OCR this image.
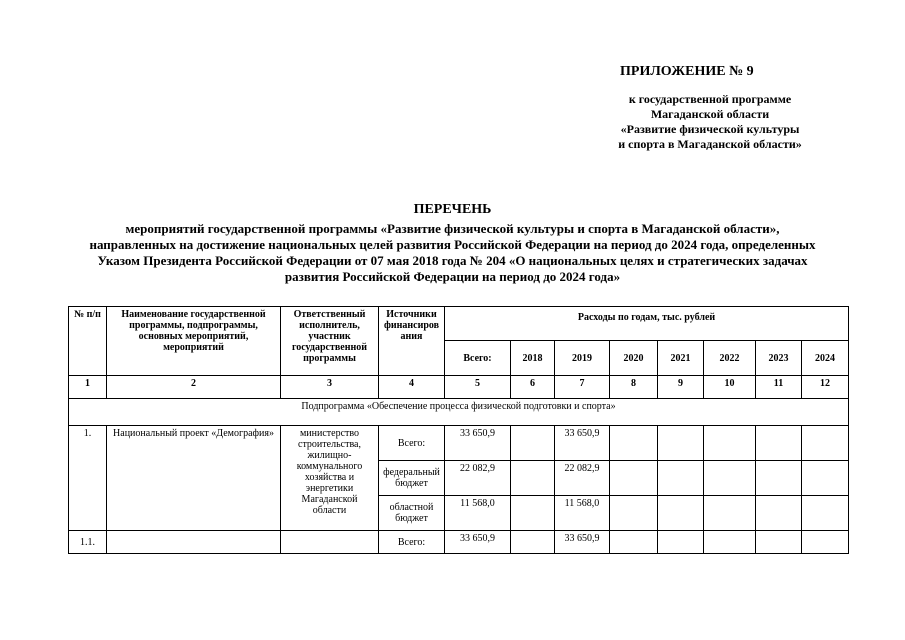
ПРИЛОЖЕНИЕ № 9
к государственной программе
Магаданской области
«Развитие физической культуры
и спорта в Магаданской области»
ПЕРЕЧЕНЬ
мероприятий государственной программы «Развитие физической культуры и спорта в Магаданской области»,
направленных на достижение национальных целей развития Российской Федерации на период до 2024 года, определенных
Указом Президента Российской Федерации от 07 мая 2018 года № 204 «О национальных целях и стратегических задачах
развития Российской Федерации на период до 2024 года»
№ п/п	Наименование государственной программы, подпрограммы, основных мероприятий, мероприятий	Ответственный исполнитель, участник государственной программы	Источники финансиров ания	Расходы по годам, тыс. рублей							
				Всего:	2018	2019	2020	2021	2022	2023	2024
1	2	3	4	5	6	7	8	9	10	11	12
Подпрограмма «Обеспечение процесса физической подготовки и спорта»											
1.	Национальный проект «Демография»	министерство строительства, жилищно-коммунального хозяйства и энергетики Магаданской области	Всего:	33 650,9		33 650,9					
			федеральный бюджет	22 082,9		22 082,9					
			областной бюджет	11 568,0		11 568,0					
1.1.			Всего:	33 650,9		33 650,9					
